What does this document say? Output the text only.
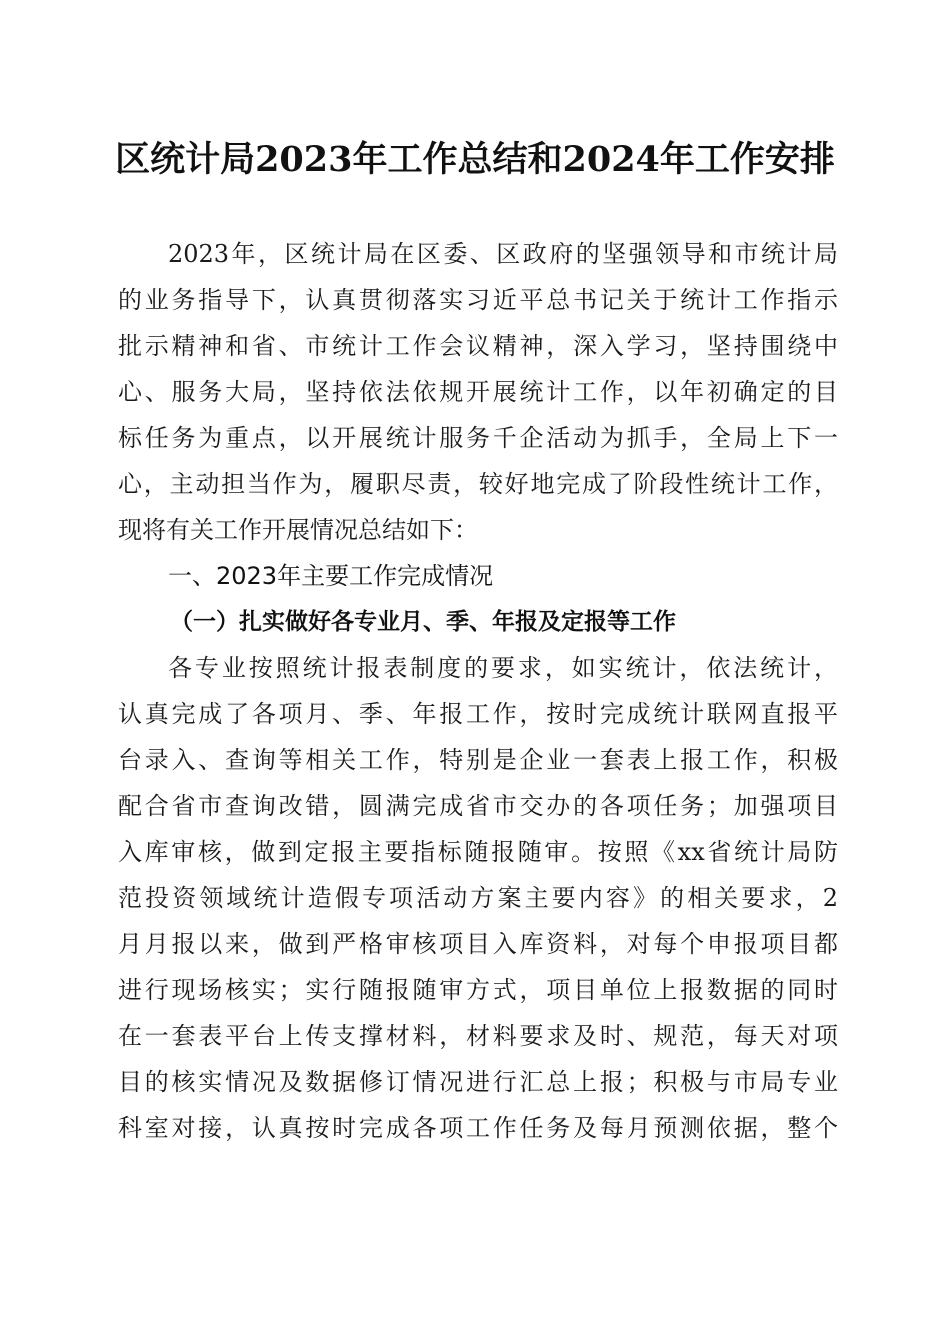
区统计局2023年工作总结和2024年工作安排
2023年，区统计局在区委、区政府的坚强领导和市统计局
的业务指导下，认真贯彻落实习近平总书记关于统计工作指示
批示精神和省、市统计工作会议精神，深入学习，坚持围绕中
心、服务大局，坚持依法依规开展统计工作，以年初确定的目
标任务为重点，以开展统计服务千企活动为抓手，全局上下一
心，主动担当作为，履职尽责，较好地完成了阶段性统计工作，
现将有关工作开展情况总结如下：
一、2023年主要工作完成情况
（一）扎实做好各专业月、季、年报及定报等工作
各专业按照统计报表制度的要求，如实统计，依法统计，
认真完成了各项月、季、年报工作，按时完成统计联网直报平
台录入、查询等相关工作，特别是企业一套表上报工作，积极
配合省市查询改错，圆满完成省市交办的各项任务；加强项目
入库审核，做到定报主要指标随报随审。按照《xx省统计局防
范投资领域统计造假专项活动方案主要内容》的相关要求，2
月月报以来，做到严格审核项目入库资料，对每个申报项目都
进行现场核实；实行随报随审方式，项目单位上报数据的同时
在一套表平台上传支撑材料，材料要求及时、规范，每天对项
目的核实情况及数据修订情况进行汇总上报；积极与市局专业
科室对接，认真按时完成各项工作任务及每月预测依据，整个
